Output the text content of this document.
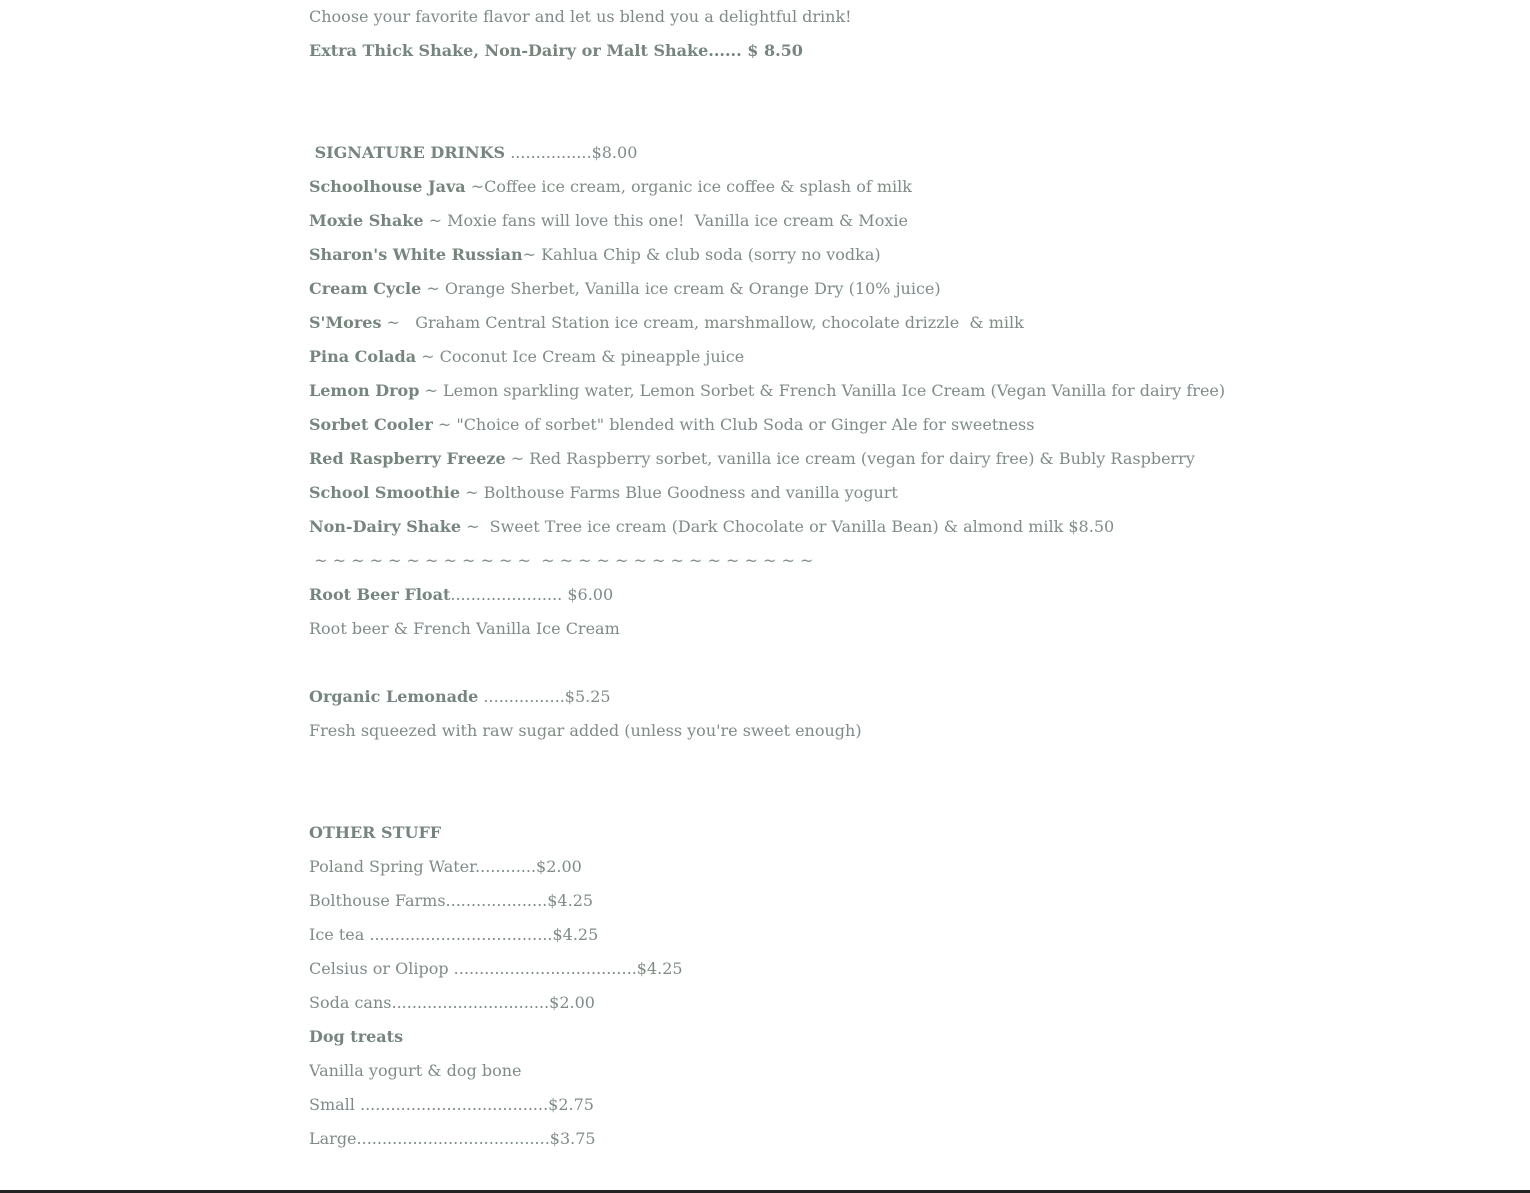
Choose your favorite flavor and let us blend you a delightful drink!
Extra Thick Shake, Non-Dairy or Malt Shake...... $ 8.50
SIGNATURE DRINKS ................$8.00
Schoolhouse Java ~Coffee ice cream, organic ice coffee & splash of milk
Moxie Shake ~ Moxie fans will love this one!  Vanilla ice cream & Moxie
Sharon's White Russian~ Kahlua Chip & club soda (sorry no vodka)
Cream Cycle ~ Orange Sherbet, Vanilla ice cream & Orange Dry (10% juice)
S'Mores ~   Graham Central Station ice cream, marshmallow, chocolate drizzle  & milk
Pina Colada ~ Coconut Ice Cream & pineapple juice
Lemon Drop ~ Lemon sparkling water, Lemon Sorbet & French Vanilla Ice Cream (Vegan Vanilla for dairy free)
Sorbet Cooler ~ "Choice of sorbet" blended with Club Soda or Ginger Ale for sweetness
Red Raspberry Freeze ~ Red Raspberry sorbet, vanilla ice cream (vegan for dairy free) & Bubly Raspberry
School Smoothie ~ Bolthouse Farms Blue Goodness and vanilla yogurt
Non-Dairy Shake ~  Sweet Tree ice cream (Dark Chocolate or Vanilla Bean) & almond milk $8.50
~ ~ ~ ~ ~ ~ ~ ~ ~ ~ ~ ~  ~ ~ ~ ~ ~ ~ ~ ~ ~ ~ ~ ~ ~ ~ ~
Root Beer Float...................... $6.00
Root beer & French Vanilla Ice Cream
Organic Lemonade ................$5.25
Fresh squeezed with raw sugar added (unless you're sweet enough)
OTHER STUFF
Poland Spring Water............$2.00
Bolthouse Farms....................$4.25
Ice tea ....................................$4.25
Celsius or Olipop ....................................$4.25
Soda cans...............................$2.00
Dog treats
Vanilla yogurt & dog bone
Small .....................................$2.75
Large......................................$3.75
